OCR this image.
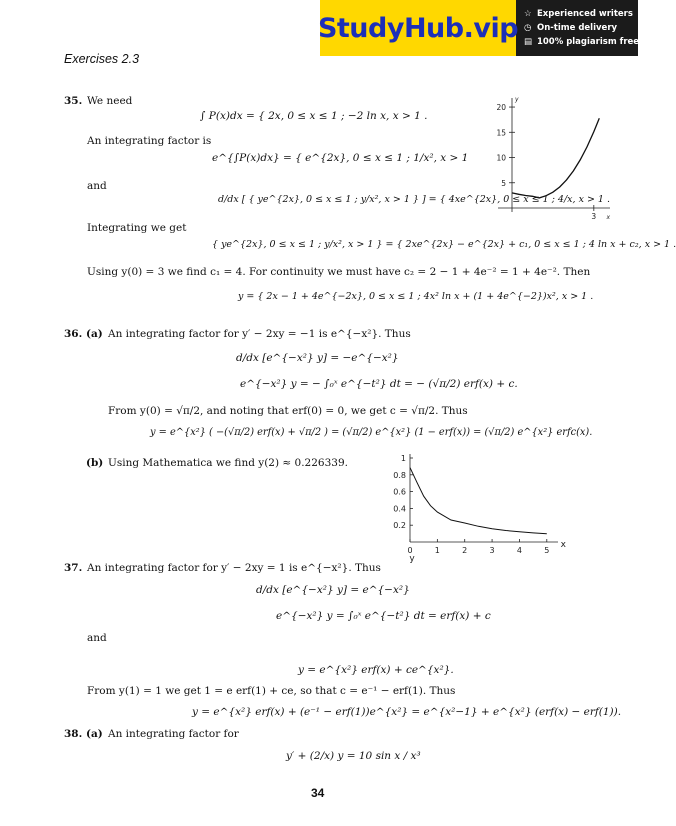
StudyHub.vip ☆ Experienced writers
◷ On-time delivery
▤ 100% plagiarism free
Exercises 2.3
35. We need
∫ P(x)dx = { 2x, 0 ≤ x ≤ 1 ; −2 ln x, x > 1 .
An integrating factor is
e^{∫P(x)dx} = { e^{2x}, 0 ≤ x ≤ 1 ; 1/x², x > 1
and
d/dx [ { ye^{2x}, 0 ≤ x ≤ 1 ; y/x², x > 1 } ] = { 4xe^{2x}, 0 ≤ x ≤ 1 ; 4/x, x > 1 .
Integrating we get
{ ye^{2x}, 0 ≤ x ≤ 1 ; y/x², x > 1 } = { 2xe^{2x} − e^{2x} + c₁, 0 ≤ x ≤ 1 ; 4 ln x + c₂, x > 1 .
Using y(0) = 3 we find c₁ = 4. For continuity we must have c₂ = 2 − 1 + 4e⁻² = 1 + 4e⁻². Then
y = { 2x − 1 + 4e^{−2x}, 0 ≤ x ≤ 1 ; 4x² ln x + (1 + 4e^{−2})x², x > 1 .
5
10
15
20
3
y
x
36. (a) An integrating factor for y′ − 2xy = −1 is e^{−x²}. Thus
d/dx [e^{−x²} y] = −e^{−x²}
e^{−x²} y = − ∫₀ˣ e^{−t²} dt = − (√π/2) erf(x) + c.
From y(0) = √π/2, and noting that erf(0) = 0, we get c = √π/2. Thus
y = e^{x²} ( −(√π/2) erf(x) + √π/2 ) = (√π/2) e^{x²} (1 − erf(x)) = (√π/2) e^{x²} erfc(x).
(b) Using Mathematica we find y(2) ≈ 0.226339.
0.2
0.4
0.6
0.8
1
0	1	2	3	4	5
x
y
37. An integrating factor for y′ − 2xy = 1 is e^{−x²}. Thus
d/dx [e^{−x²} y] = e^{−x²}
e^{−x²} y = ∫₀ˣ e^{−t²} dt = erf(x) + c
and
y = e^{x²} erf(x) + ce^{x²}.
From y(1) = 1 we get 1 = e erf(1) + ce, so that c = e⁻¹ − erf(1). Thus
y = e^{x²} erf(x) + (e⁻¹ − erf(1))e^{x²} = e^{x²−1} + e^{x²} (erf(x) − erf(1)).
38. (a) An integrating factor for
y′ + (2/x) y = 10 sin x / x³
34
